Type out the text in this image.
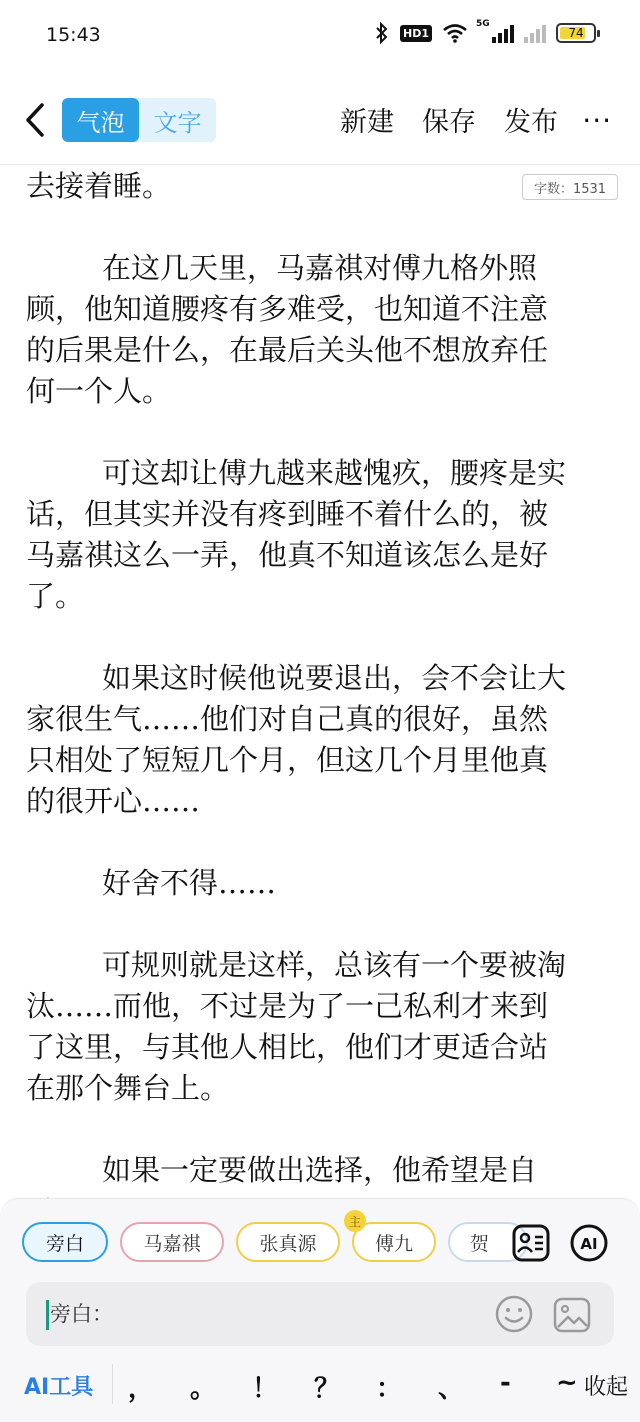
15:43	HD1
5G
74
气泡	文字	新建 保存 发布 ···
字数：1531
去接着睡。
在这几天里，马嘉祺对傅九格外照
顾，他知道腰疼有多难受，也知道不注意
的后果是什么，在最后关头他不想放弃任
何一个人。
可这却让傅九越来越愧疚，腰疼是实
话，但其实并没有疼到睡不着什么的，被
马嘉祺这么一弄，他真不知道该怎么是好
了。
如果这时候他说要退出，会不会让大
家很生气……他们对自己真的很好，虽然
只相处了短短几个月，但这几个月里他真
的很开心……
好舍不得……
可规则就是这样，总该有一个要被淘
汰……而他，不过是为了一己私利才来到
了这里，与其他人相比，他们才更适合站
在那个舞台上。
如果一定要做出选择，他希望是自
旁白	马嘉祺	张真源	傅九
主
贺	AI
旁白：
AI工具	收起
， 。 ！ ？ ： 、 - ~
